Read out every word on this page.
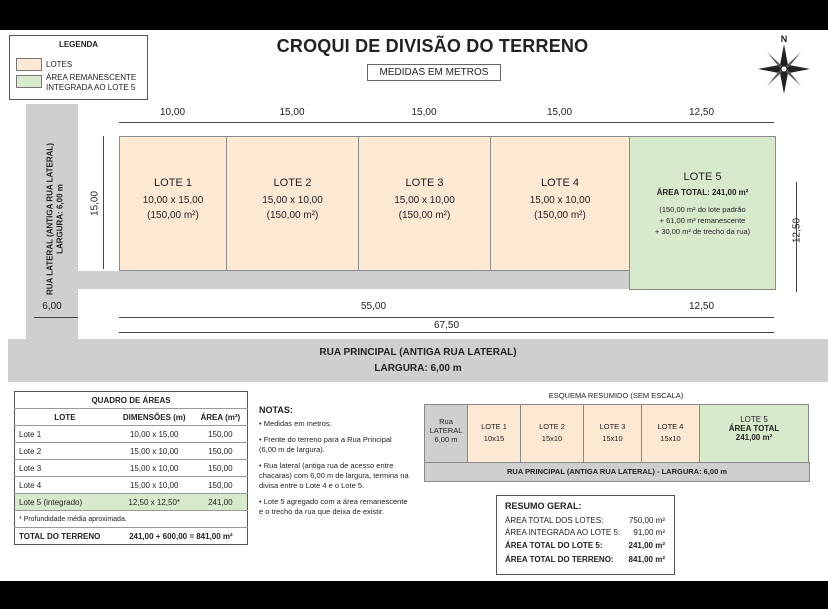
LEGENDA
LOTES
ÁREA REMANESCENTE INTEGRADA AO LOTE 5
CROQUI DE DIVISÃO DO TERRENO
MEDIDAS EM METROS
N
RUA LATERAL (ANTIGA RUA LATERAL) LARGURA: 6,00 m
RUA PRINCIPAL (ANTIGA RUA LATERAL)
LARGURA: 6,00 m
10,00	15,00	15,00	15,00	12,50
15,00
LOTE 1
10,00 x 15,00
(150,00 m²)
LOTE 2
15,00 x 10,00
(150,00 m²)
LOTE 3
15,00 x 10,00
(150,00 m²)
LOTE 4
15,00 x 10,00
(150,00 m²)
LOTE 5
ÁREA TOTAL: 241,00 m²
(150,00 m² do lote padrão
+ 61,00 m² remanescente
+ 30,00 m² de trecho da rua)	12,50
6,00	55,00	12,50
67,50
QUADRO DE ÁREAS		
LOTE	DIMENSÕES (m)	ÁREA (m²)
Lote 1	10,00 x 15,00	150,00
Lote 2	15,00 x 10,00	150,00
Lote 3	15,00 x 10,00	150,00
Lote 4	15,00 x 10,00	150,00
Lote 5 (integrado)	12,50 x 12,50*	241,00
* Profundidade média aproximada.		
TOTAL DO TERRENO	241,00 + 600,00 = 841,00 m²	
NOTAS:

• Medidas em metros.

• Frente do terreno para a Rua Principal (6,00 m de largura).

• Rua lateral (antiga rua de acesso entre chacaras) com 6,00 m de largura, termina na divisa entre o Lote 4 e o Lote 5.

• Lote 5 agregado com a área remanescente e o trecho da rua que deixa de existir.

ESQUEMA RESUMIDO (SEM ESCALA)
Rua
LATERAL
6,00 m
LOTE 1
10x15
LOTE 2
15x10
LOTE 3
15x10
LOTE 4
15x10
LOTE 5
ÁREA TOTAL
241,00 m²
RUA PRINCIPAL (ANTIGA RUA LATERAL) - LARGURA: 6,00 m
RESUMO GERAL:
ÁREA TOTAL DOS LOTES:	750,00 m²
ÁREA INTEGRADA AO LOTE 5: 91,00 m²
ÁREA TOTAL DO LOTE 5:	241,00 m²
ÁREA TOTAL DO TERRENO: 841,00 m²
